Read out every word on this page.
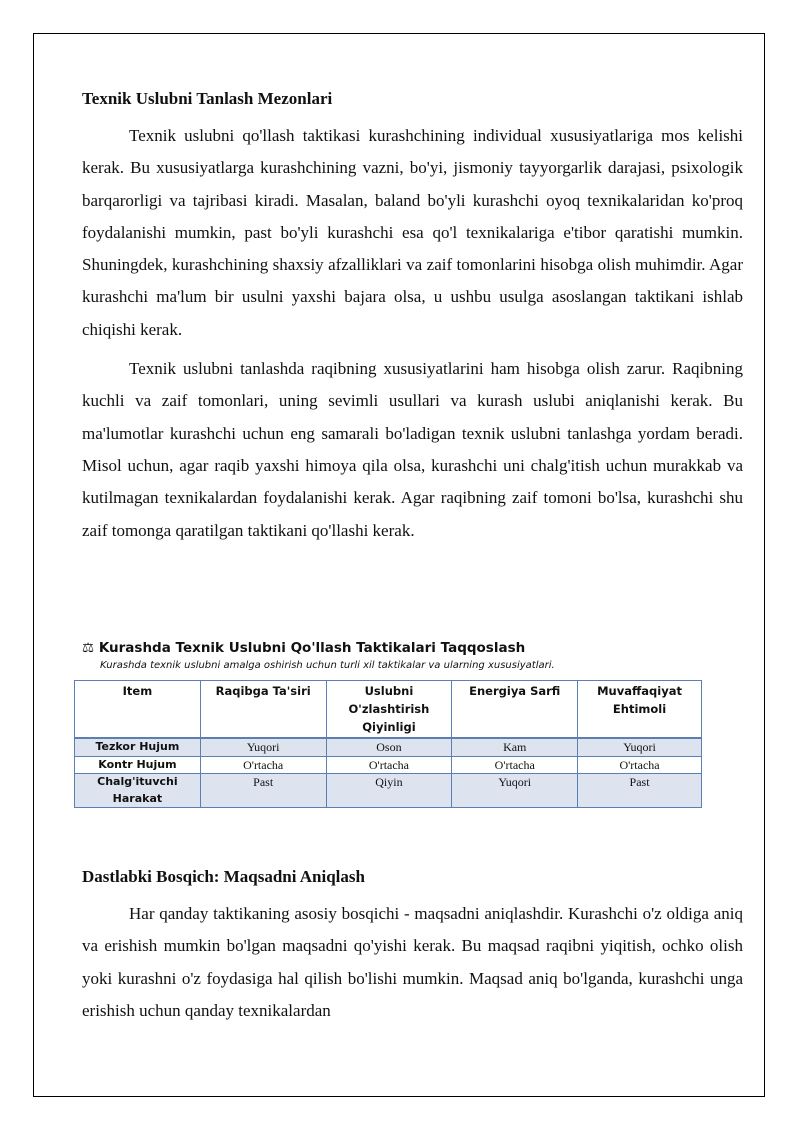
Texnik Uslubni Tanlash Mezonlari

Texnik uslubni qo'llash taktikasi kurashchining individual xususiyatlariga mos kelishi kerak. Bu xususiyatlarga kurashchining vazni, bo'yi, jismoniy tayyorgarlik darajasi, psixologik barqarorligi va tajribasi kiradi. Masalan, baland bo'yli kurashchi oyoq texnikalaridan ko'proq foydalanishi mumkin, past bo'yli kurashchi esa qo'l texnikalariga e'tibor qaratishi mumkin. Shuningdek, kurashchining shaxsiy afzalliklari va zaif tomonlarini hisobga olish muhimdir. Agar kurashchi ma'lum bir usulni yaxshi bajara olsa, u ushbu usulga asoslangan taktikani ishlab chiqishi kerak.

Texnik uslubni tanlashda raqibning xususiyatlarini ham hisobga olish zarur. Raqibning kuchli va zaif tomonlari, uning sevimli usullari va kurash uslubi aniqlanishi kerak. Bu ma'lumotlar kurashchi uchun eng samarali bo'ladigan texnik uslubni tanlashga yordam beradi. Misol uchun, agar raqib yaxshi himoya qila olsa, kurashchi uni chalg'itish uchun murakkab va kutilmagan texnikalardan foydalanishi kerak. Agar raqibning zaif tomoni bo'lsa, kurashchi shu zaif tomonga qaratilgan taktikani qo'llashi kerak.

⚖ Kurashda Texnik Uslubni Qo'llash Taktikalari Taqqoslash
Kurashda texnik uslubni amalga oshirish uchun turli xil taktikalar va ularning xususiyatlari.
Item	Raqibga Ta'siri	Uslubni O'zlashtirish Qiyinligi	Energiya Sarfi	Muvaffaqiyat Ehtimoli
Tezkor Hujum	Yuqori	Oson	Kam	Yuqori
Kontr Hujum	O'rtacha	O'rtacha	O'rtacha	O'rtacha
Chalg'ituvchi Harakat	Past	Qiyin	Yuqori	Past
Dastlabki Bosqich: Maqsadni Aniqlash

Har qanday taktikaning asosiy bosqichi - maqsadni aniqlashdir. Kurashchi o'z oldiga aniq va erishish mumkin bo'lgan maqsadni qo'yishi kerak. Bu maqsad raqibni yiqitish, ochko olish yoki kurashni o'z foydasiga hal qilish bo'lishi mumkin. Maqsad aniq bo'lganda, kurashchi unga erishish uchun qanday texnikalardan
